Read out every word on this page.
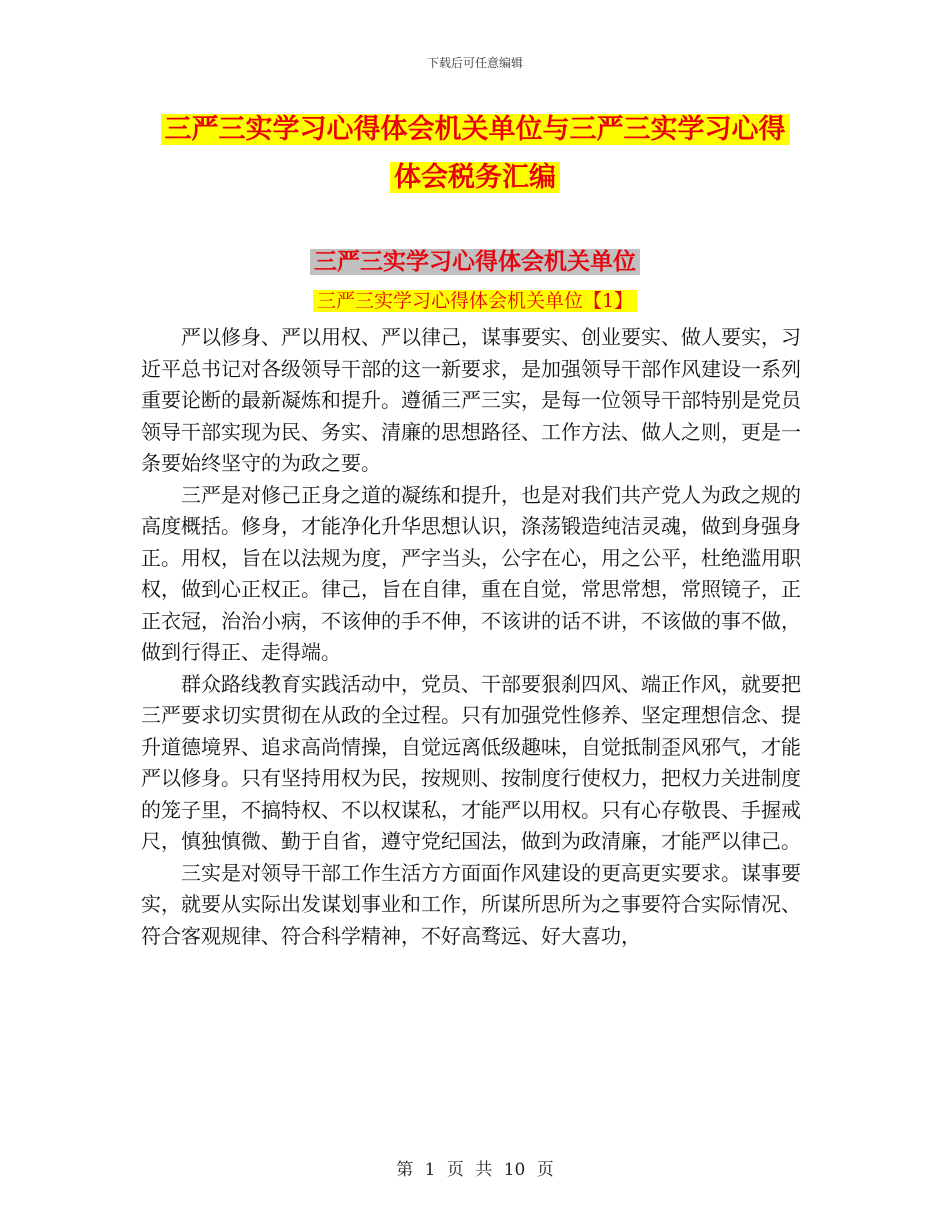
下载后可任意编辑
三严三实学习心得体会机关单位与三严三实学习心得
体会税务汇编
三严三实学习心得体会机关单位
三严三实学习心得体会机关单位【1】

严以修身、严以用权、严以律己，谋事要实、创业要实、做人要实，习近平总书记对各级领导干部的这一新要求，是加强领导干部作风建设一系列重要论断的最新凝炼和提升。遵循三严三实，是每一位领导干部特别是党员领导干部实现为民、务实、清廉的思想路径、工作方法、做人之则，更是一条要始终坚守的为政之要。

三严是对修己正身之道的凝练和提升，也是对我们共产党人为政之规的高度概括。修身，才能净化升华思想认识，涤荡锻造纯洁灵魂，做到身强身正。用权，旨在以法规为度，严字当头，公字在心，用之公平，杜绝滥用职权，做到心正权正。律己，旨在自律，重在自觉，常思常想，常照镜子，正正衣冠，治治小病，不该伸的手不伸，不该讲的话不讲，不该做的事不做，做到行得正、走得端。

群众路线教育实践活动中，党员、干部要狠刹四风、端正作风，就要把三严要求切实贯彻在从政的全过程。只有加强党性修养、坚定理想信念、提升道德境界、追求高尚情操，自觉远离低级趣味，自觉抵制歪风邪气，才能严以修身。只有坚持用权为民，按规则、按制度行使权力，把权力关进制度的笼子里，不搞特权、不以权谋私，才能严以用权。只有心存敬畏、手握戒尺，慎独慎微、勤于自省，遵守党纪国法，做到为政清廉，才能严以律己。

三实是对领导干部工作生活方方面面作风建设的更高更实要求。谋事要实，就要从实际出发谋划事业和工作，所谋所思所为之事要符合实际情况、符合客观规律、符合科学精神，不好高骛远、好大喜功，

第 1 页 共 10 页
